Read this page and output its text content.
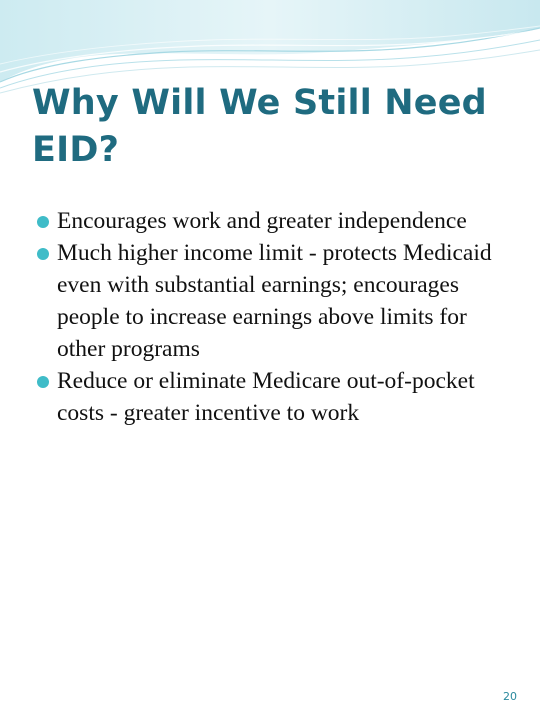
Why Will We Still Need EID?
Encourages work and greater independence
Much higher income limit - protects Medicaid even with substantial earnings; encourages people to increase earnings above limits for other programs
Reduce or eliminate Medicare out-of-pocket costs - greater incentive to work
20
